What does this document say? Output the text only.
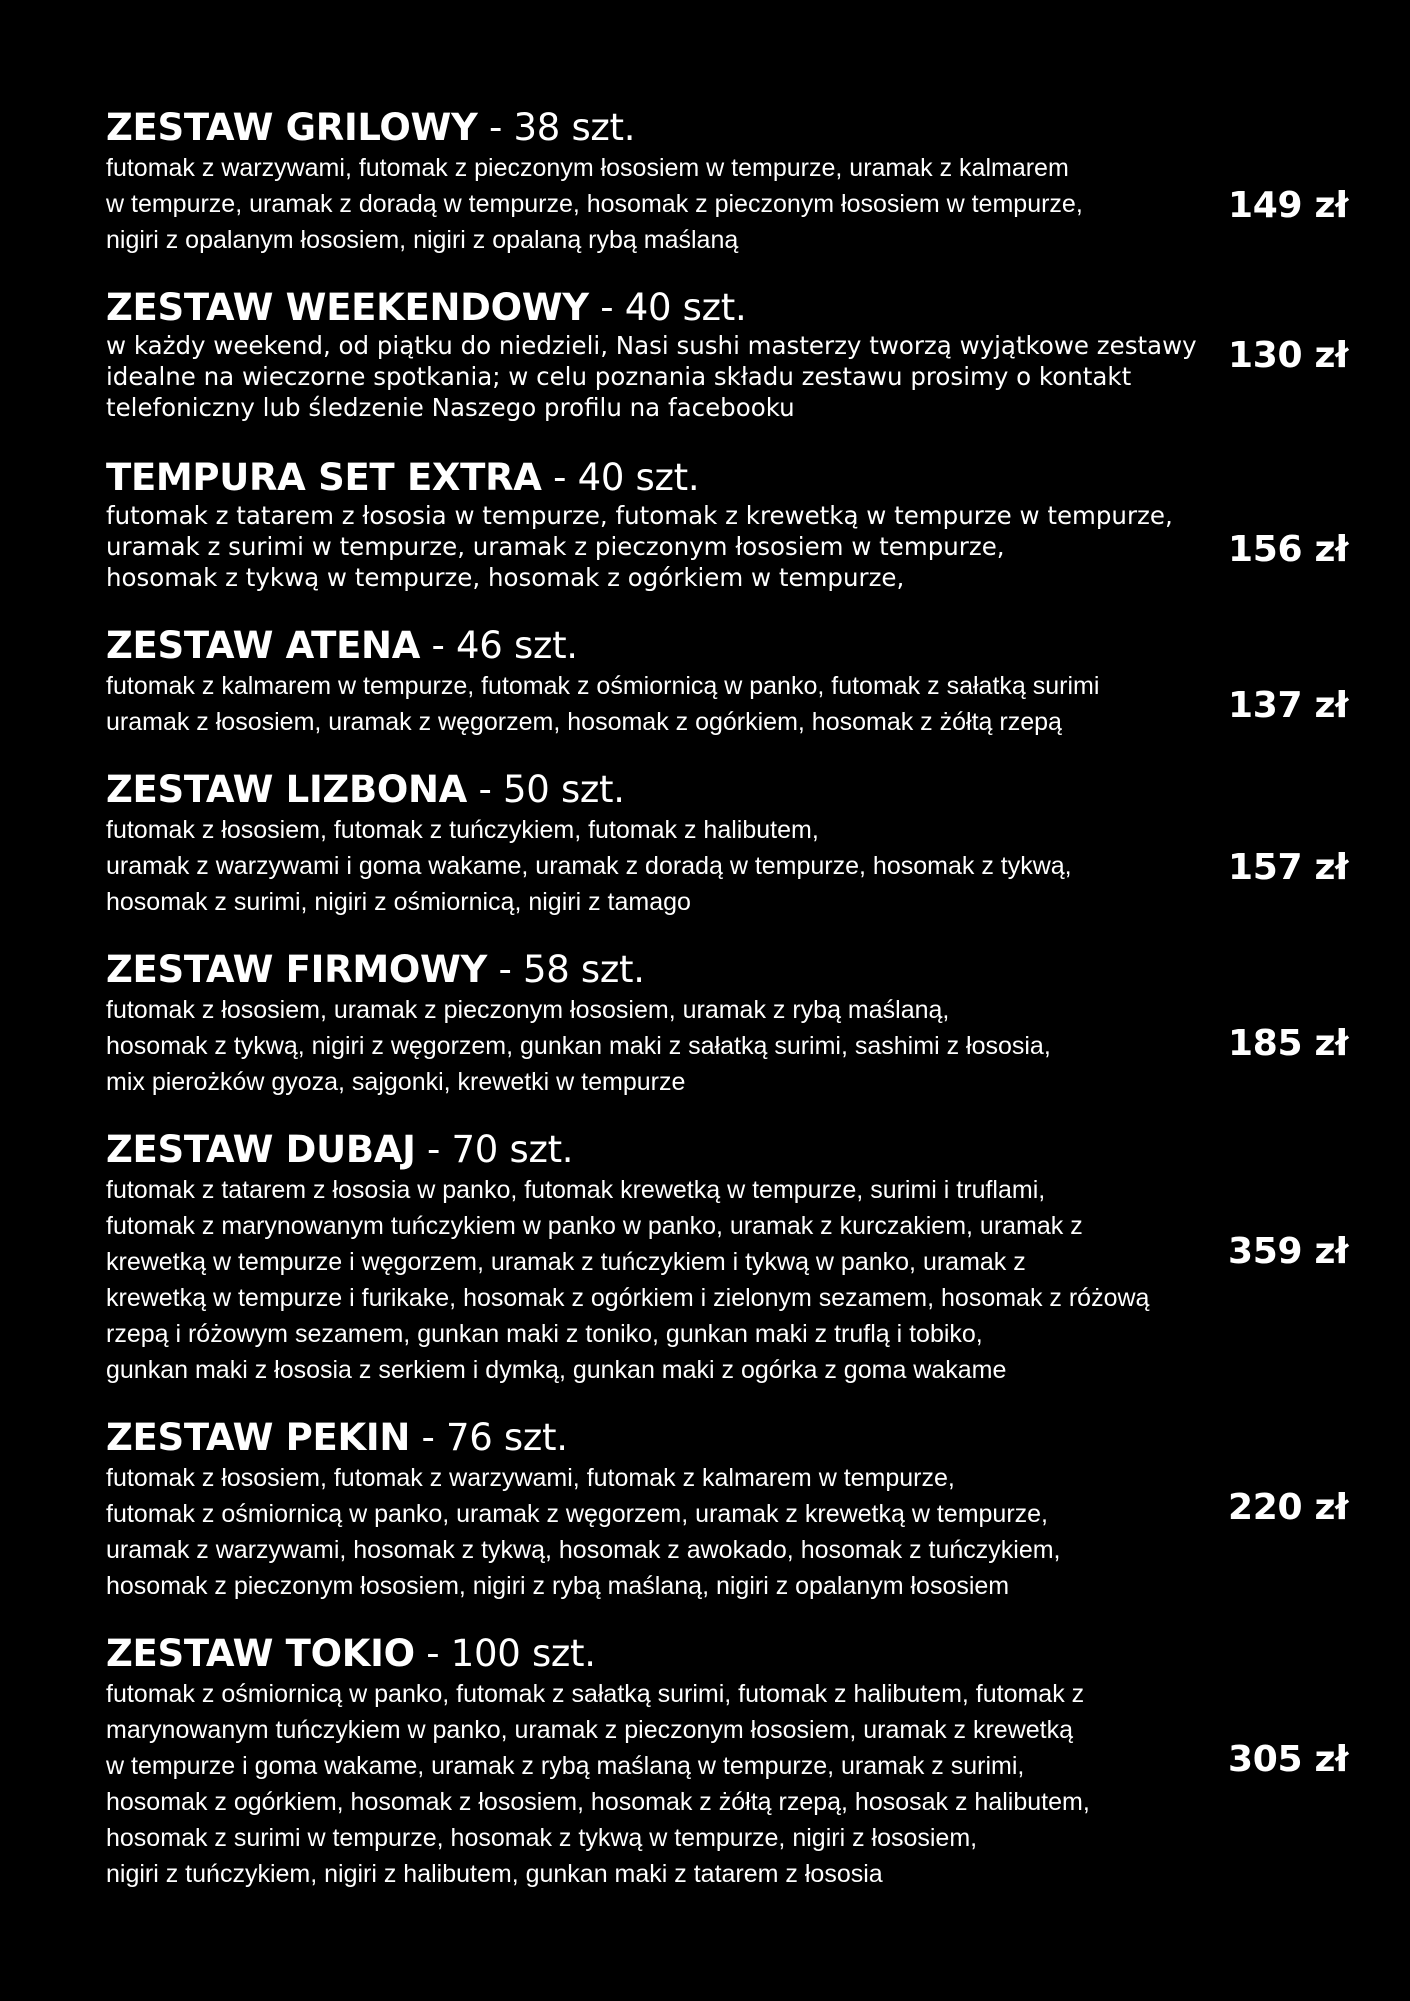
ZESTAW GRILOWY - 38 szt.
futomak z warzywami, futomak z pieczonym łososiem w tempurze, uramak z kalmarem
w tempurze, uramak z doradą w tempurze, hosomak z pieczonym łososiem w tempurze,
nigiri z opalanym łososiem, nigiri z opalaną rybą maślaną
149 zł
ZESTAW WEEKENDOWY - 40 szt.
w każdy weekend, od piątku do niedzieli, Nasi sushi masterzy tworzą wyjątkowe zestawy
idealne na wieczorne spotkania; w celu poznania składu zestawu prosimy o kontakt
telefoniczny lub śledzenie Naszego profilu na facebooku
130 zł
TEMPURA SET EXTRA - 40 szt.
futomak z tatarem z łososia w tempurze, futomak z krewetką w tempurze w tempurze,
uramak z surimi w tempurze, uramak z pieczonym łososiem w tempurze,
hosomak z tykwą w tempurze, hosomak z ogórkiem w tempurze,
156 zł
ZESTAW ATENA - 46 szt.
futomak z kalmarem w tempurze, futomak z ośmiornicą w panko, futomak z sałatką surimi
uramak z łososiem, uramak z węgorzem, hosomak z ogórkiem, hosomak z żółtą rzepą	137 zł
ZESTAW LIZBONA - 50 szt.
futomak z łososiem, futomak z tuńczykiem, futomak z halibutem,
uramak z warzywami i goma wakame, uramak z doradą w tempurze, hosomak z tykwą,
hosomak z surimi, nigiri z ośmiornicą, nigiri z tamago
157 zł
ZESTAW FIRMOWY - 58 szt.
futomak z łososiem, uramak z pieczonym łososiem, uramak z rybą maślaną,
hosomak z tykwą, nigiri z węgorzem, gunkan maki z sałatką surimi, sashimi z łososia,
mix pierożków gyoza, sajgonki, krewetki w tempurze
185 zł
ZESTAW DUBAJ - 70 szt.
futomak z tatarem z łososia w panko, futomak krewetką w tempurze, surimi i truflami,
futomak z marynowanym tuńczykiem w panko w panko, uramak z kurczakiem, uramak z
krewetką w tempurze i węgorzem, uramak z tuńczykiem i tykwą w panko, uramak z
krewetką w tempurze i furikake, hosomak z ogórkiem i zielonym sezamem, hosomak z różową
rzepą i różowym sezamem, gunkan maki z toniko, gunkan maki z truflą i tobiko,
gunkan maki z łososia z serkiem i dymką, gunkan maki z ogórka z goma wakame
359 zł
ZESTAW PEKIN - 76 szt.
futomak z łososiem, futomak z warzywami, futomak z kalmarem w tempurze,
futomak z ośmiornicą w panko, uramak z węgorzem, uramak z krewetką w tempurze,
uramak z warzywami, hosomak z tykwą, hosomak z awokado, hosomak z tuńczykiem,
hosomak z pieczonym łososiem, nigiri z rybą maślaną, nigiri z opalanym łososiem
220 zł
ZESTAW TOKIO - 100 szt.
futomak z ośmiornicą w panko, futomak z sałatką surimi, futomak z halibutem, futomak z
marynowanym tuńczykiem w panko, uramak z pieczonym łososiem, uramak z krewetką
w tempurze i goma wakame, uramak z rybą maślaną w tempurze, uramak z surimi,
hosomak z ogórkiem, hosomak z łososiem, hosomak z żółtą rzepą, hososak z halibutem,
hosomak z surimi w tempurze, hosomak z tykwą w tempurze, nigiri z łososiem,
nigiri z tuńczykiem, nigiri z halibutem, gunkan maki z tatarem z łososia
305 zł
